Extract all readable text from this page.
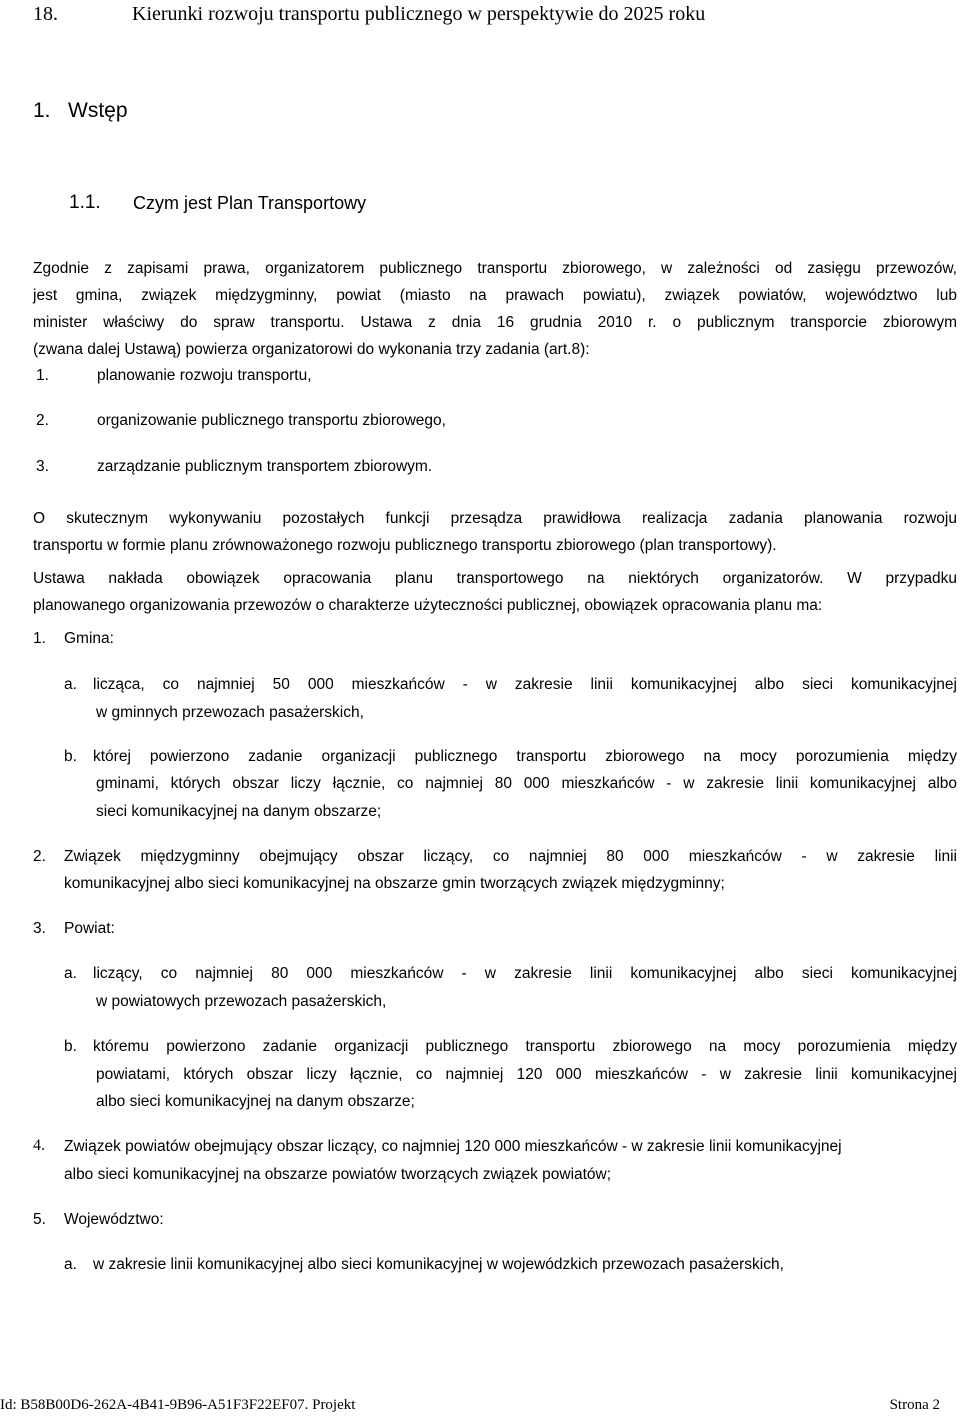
18.	Kierunki rozwoju transportu publicznego w perspektywie do 2025 roku
1. Wstęp
1.1. Czym jest Plan Transportowy
Zgodnie z zapisami prawa, organizatorem publicznego transportu zbiorowego, w zależności od zasięgu przewozów,
jest gmina, związek międzygminny, powiat (miasto na prawach powiatu), związek powiatów, województwo lub
minister właściwy do spraw transportu. Ustawa z dnia 16 grudnia 2010 r. o publicznym transporcie zbiorowym
(zwana dalej Ustawą) powierza organizatorowi do wykonania trzy zadania (art.8):
1.	planowanie rozwoju transportu,
2.	organizowanie publicznego transportu zbiorowego,
3.	zarządzanie publicznym transportem zbiorowym.
O skutecznym wykonywaniu pozostałych funkcji przesądza prawidłowa realizacja zadania planowania rozwoju
transportu w formie planu zrównoważonego rozwoju publicznego transportu zbiorowego (plan transportowy).
Ustawa nakłada obowiązek opracowania planu transportowego na niektórych organizatorów. W przypadku
planowanego organizowania przewozów o charakterze użyteczności publicznej, obowiązek opracowania planu ma:
1. Gmina:
a. licząca, co najmniej 50 000 mieszkańców - w zakresie linii komunikacyjnej albo sieci komunikacyjnej
w gminnych przewozach pasażerskich,
b. której powierzono zadanie organizacji publicznego transportu zbiorowego na mocy porozumienia między
gminami, których obszar liczy łącznie, co najmniej 80 000 mieszkańców - w zakresie linii komunikacyjnej albo
sieci komunikacyjnej na danym obszarze;
2. Związek międzygminny obejmujący obszar liczący, co najmniej 80 000 mieszkańców - w zakresie linii
komunikacyjnej albo sieci komunikacyjnej na obszarze gmin tworzących związek międzygminny;
3. Powiat:
a. liczący, co najmniej 80 000 mieszkańców - w zakresie linii komunikacyjnej albo sieci komunikacyjnej
w powiatowych przewozach pasażerskich,
b. któremu powierzono zadanie organizacji publicznego transportu zbiorowego na mocy porozumienia między
powiatami, których obszar liczy łącznie, co najmniej 120 000 mieszkańców - w zakresie linii komunikacyjnej
albo sieci komunikacyjnej na danym obszarze;
4. Związek powiatów obejmujący obszar liczący, co najmniej 120 000 mieszkańców - w zakresie linii komunikacyjnej
albo sieci komunikacyjnej na obszarze powiatów tworzących związek powiatów;
5. Województwo:
a. w zakresie linii komunikacyjnej albo sieci komunikacyjnej w wojewódzkich przewozach pasażerskich,
Id: B58B00D6-262A-4B41-9B96-A51F3F22EF07. Projekt	Strona 2
